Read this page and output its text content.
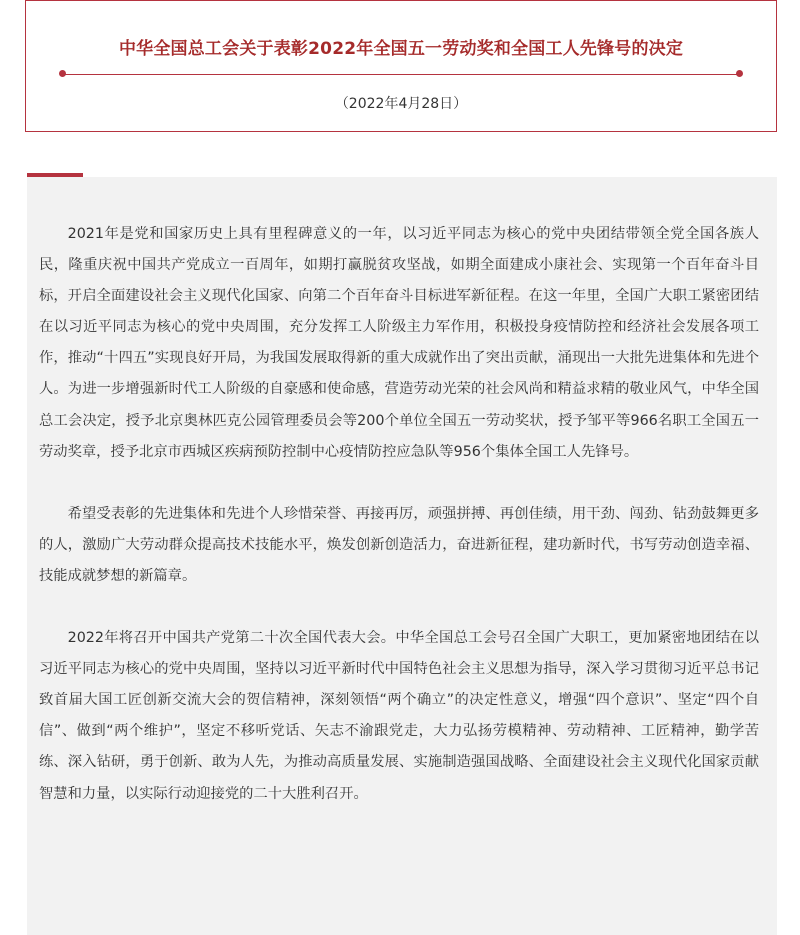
中华全国总工会关于表彰2022年全国五一劳动奖和全国工人先锋号的决定
（2022年4月28日）

2021年是党和国家历史上具有里程碑意义的一年，以习近平同志为核心的党中央团结带领全党全国各族人民，隆重庆祝中国共产党成立一百周年，如期打赢脱贫攻坚战，如期全面建成小康社会、实现第一个百年奋斗目标，开启全面建设社会主义现代化国家、向第二个百年奋斗目标进军新征程。在这一年里，全国广大职工紧密团结在以习近平同志为核心的党中央周围，充分发挥工人阶级主力军作用，积极投身疫情防控和经济社会发展各项工作，推动“十四五”实现良好开局，为我国发展取得新的重大成就作出了突出贡献，涌现出一大批先进集体和先进个人。为进一步增强新时代工人阶级的自豪感和使命感，营造劳动光荣的社会风尚和精益求精的敬业风气，中华全国总工会决定，授予北京奥林匹克公园管理委员会等200个单位全国五一劳动奖状，授予邹平等966名职工全国五一劳动奖章，授予北京市西城区疾病预防控制中心疫情防控应急队等956个集体全国工人先锋号。

希望受表彰的先进集体和先进个人珍惜荣誉、再接再厉，顽强拼搏、再创佳绩，用干劲、闯劲、钻劲鼓舞更多的人，激励广大劳动群众提高技术技能水平，焕发创新创造活力，奋进新征程，建功新时代，书写劳动创造幸福、技能成就梦想的新篇章。

2022年将召开中国共产党第二十次全国代表大会。中华全国总工会号召全国广大职工，更加紧密地团结在以习近平同志为核心的党中央周围，坚持以习近平新时代中国特色社会主义思想为指导，深入学习贯彻习近平总书记致首届大国工匠创新交流大会的贺信精神，深刻领悟“两个确立”的决定性意义，增强“四个意识”、坚定“四个自信”、做到“两个维护”，坚定不移听党话、矢志不渝跟党走，大力弘扬劳模精神、劳动精神、工匠精神，勤学苦练、深入钻研，勇于创新、敢为人先，为推动高质量发展、实施制造强国战略、全面建设社会主义现代化国家贡献智慧和力量，以实际行动迎接党的二十大胜利召开。
